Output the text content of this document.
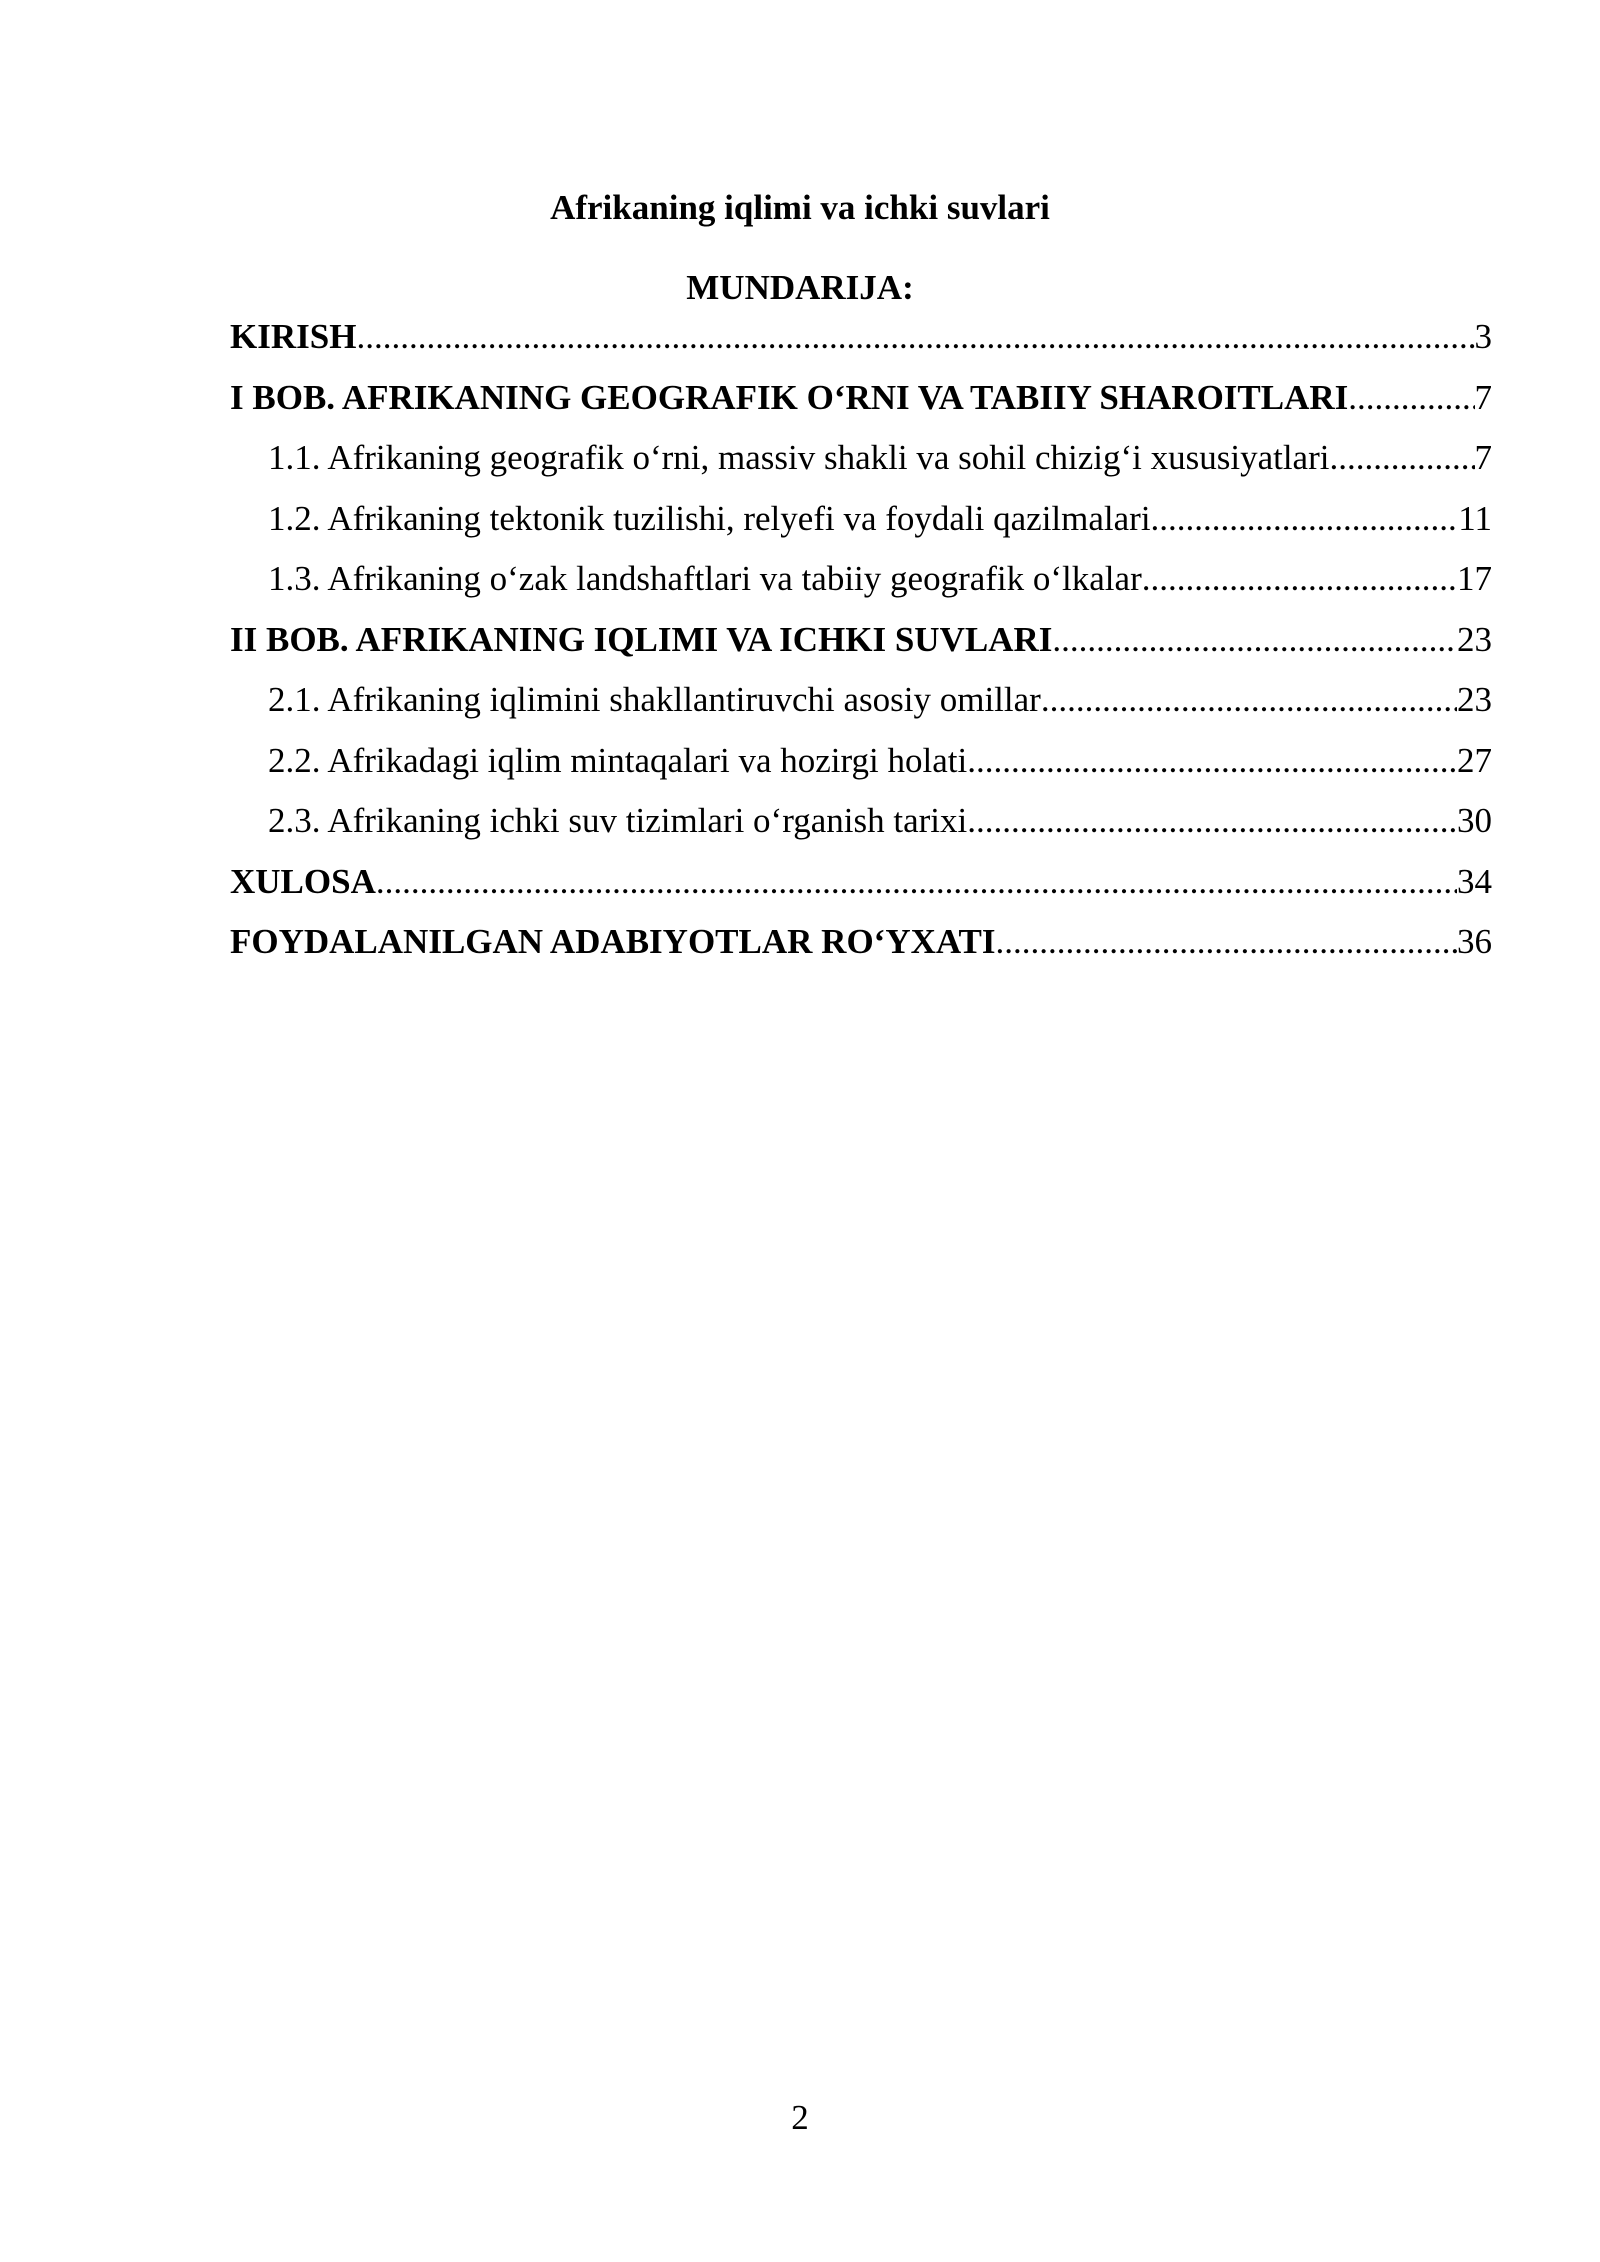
Afrikaning iqlimi va ichki suvlari
MUNDARIJA:
KIRISH .....	3
I BOB. AFRIKANING GEOGRAFIK O‘RNI VA TABIIY SHAROITLARI .....	7
1.1. Afrikaning geografik o‘rni, massiv shakli va sohil chizig‘i xususiyatlari .....	7
1.2. Afrikaning tektonik tuzilishi, relyefi va foydali qazilmalari .....	11
1.3. Afrikaning o‘zak landshaftlari va tabiiy geografik o‘lkalar .....	17
II BOB. AFRIKANING IQLIMI VA ICHKI SUVLARI .....	23
2.1. Afrikaning iqlimini shakllantiruvchi asosiy omillar .....	23
2.2. Afrikadagi iqlim mintaqalari va hozirgi holati .....	27
2.3. Afrikaning ichki suv tizimlari o‘rganish tarixi .....	30
XULOSA .....	34
FOYDALANILGAN ADABIYOTLAR RO‘YXATI .....	36
2
